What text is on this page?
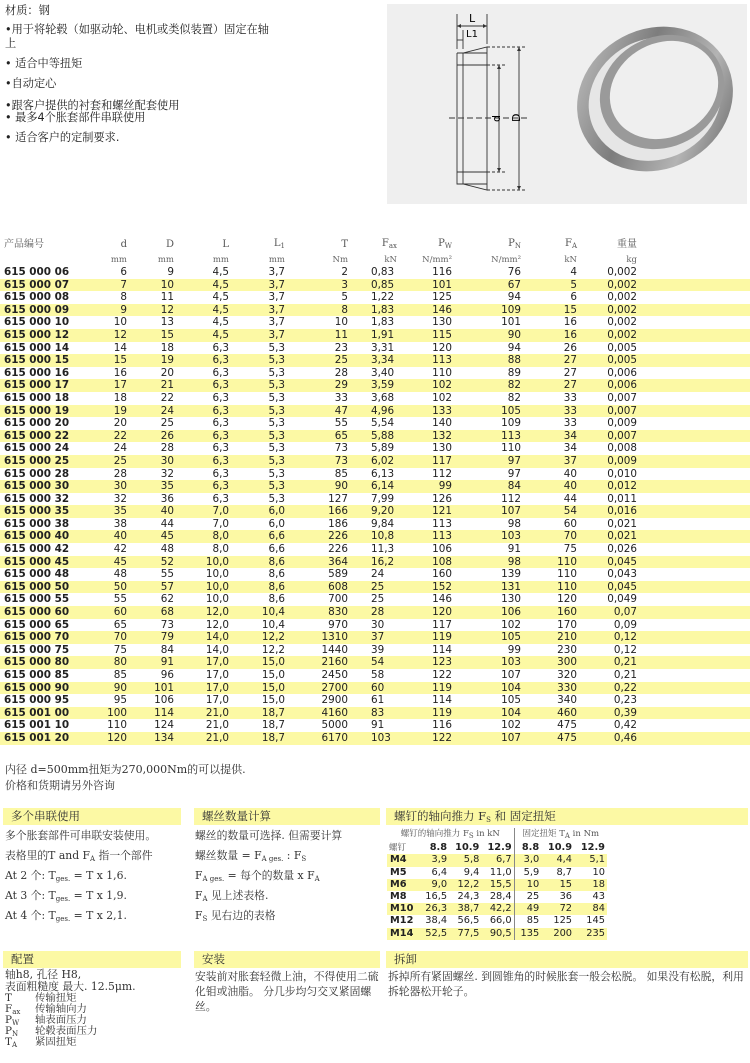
材质：钢
•用于将轮毂（如驱动轮、电机或类似装置）固定在轴上
• 适合中等扭矩
•自动定心
•跟客户提供的衬套和螺丝配套使用
• 最多4个胀套部件串联使用
• 适合客户的定制要求.
L
L1
d D
产品编号	d	D	L	$L_1$	T	$F_{ax}$	$P_W$	$P_N$	$F_A$	重量	
	mm	mm	mm	mm	Nm	kN	N/mm²	N/mm²	kN	kg	
615 000 06	6	9	4,5	3,7	2	0,83	116	76	4	0,002	
615 000 07	7	10	4,5	3,7	3	0,85	101	67	5	0,002	
615 000 08	8	11	4,5	3,7	5	1,22	125	94	6	0,002	
615 000 09	9	12	4,5	3,7	8	1,83	146	109	15	0,002	
615 000 10	10	13	4,5	3,7	10	1,83	130	101	16	0,002	
615 000 12	12	15	4,5	3,7	11	1,91	115	90	16	0,002	
615 000 14	14	18	6,3	5,3	23	3,31	120	94	26	0,005	
615 000 15	15	19	6,3	5,3	25	3,34	113	88	27	0,005	
615 000 16	16	20	6,3	5,3	28	3,40	110	89	27	0,006	
615 000 17	17	21	6,3	5,3	29	3,59	102	82	27	0,006	
615 000 18	18	22	6,3	5,3	33	3,68	102	82	33	0,007	
615 000 19	19	24	6,3	5,3	47	4,96	133	105	33	0,007	
615 000 20	20	25	6,3	5,3	55	5,54	140	109	33	0,009	
615 000 22	22	26	6,3	5,3	65	5,88	132	113	34	0,007	
615 000 24	24	28	6,3	5,3	73	5,89	130	110	34	0,008	
615 000 25	25	30	6,3	5,3	73	6,02	117	97	37	0,009	
615 000 28	28	32	6,3	5,3	85	6,13	112	97	40	0,010	
615 000 30	30	35	6,3	5,3	90	6,14	99	84	40	0,012	
615 000 32	32	36	6,3	5,3	127	7,99	126	112	44	0,011	
615 000 35	35	40	7,0	6,0	166	9,20	121	107	54	0,016	
615 000 38	38	44	7,0	6,0	186	9,84	113	98	60	0,021	
615 000 40	40	45	8,0	6,6	226	10,8	113	103	70	0,021	
615 000 42	42	48	8,0	6,6	226	11,3	106	91	75	0,026	
615 000 45	45	52	10,0	8,6	364	16,2	108	98	110	0,045	
615 000 48	48	55	10,0	8,6	589	24	160	139	110	0,043	
615 000 50	50	57	10,0	8,6	608	25	152	131	110	0,045	
615 000 55	55	62	10,0	8,6	700	25	146	130	120	0,049	
615 000 60	60	68	12,0	10,4	830	28	120	106	160	0,07	
615 000 65	65	73	12,0	10,4	970	30	117	102	170	0,09	
615 000 70	70	79	14,0	12,2	1310	37	119	105	210	0,12	
615 000 75	75	84	14,0	12,2	1440	39	114	99	230	0,12	
615 000 80	80	91	17,0	15,0	2160	54	123	103	300	0,21	
615 000 85	85	96	17,0	15,0	2450	58	122	107	320	0,21	
615 000 90	90	101	17,0	15,0	2700	60	119	104	330	0,22	
615 000 95	95	106	17,0	15,0	2900	61	114	105	340	0,23	
615 001 00	100	114	21,0	18,7	4160	83	119	104	460	0,39	
615 001 10	110	124	21,0	18,7	5000	91	116	102	475	0,42	
615 001 20	120	134	21,0	18,7	6170	103	122	107	475	0,46	
内径 d=500mm扭矩为270,000Nm的可以提供.
价格和货期请另外咨询
多个串联使用
多个胀套部件可串联安装使用。
表格里的T and $F_A$ 指一个部件
At 2 个: $T_{ges.} = T$ x 1,6.
At 3 个: $T_{ges.} = T$ x 1,9.
At 4 个: $T_{ges.} = T$ x 2,1.
螺丝数量计算
螺丝的数量可选择. 但需要计算
螺丝数量 = $F_{A ges.}$ : $F_S$
$F_{A ges.}$ = 每个的数量 x $F_A$
$F_A$ 见上述表格.
$F_S$ 见右边的表格
螺钉的轴向推力 $F_S$ 和 固定扭矩
螺钉的轴向推力 $F_S$ in kN				固定扭矩 $T_A$ in Nm		
螺钉	8.8	10.9	12.9	8.8	10.9	12.9
M4	3,9	5,8	6,7	3,0	4,4	5,1
M5	6,4	9,4	11,0	5,9	8,7	10
M6	9,0	12,2	15,5	10	15	18
M8	16,5	24,3	28,4	25	36	43
M10	26,3	38,7	42,2	49	72	84
M12	38,4	56,5	66,0	85	125	145
M14	52,5	77,5	90,5	135	200	235
配置
轴h8, 孔径 H8,
表面粗糙度 最大. 12.5μm.
T 传输扭矩
$F_{ax}$ 传输轴向力
$P_W$ 轴表面压力
$P_N$ 轮毂表面压力
$T_A$ 紧固扭矩
安装
安装前对胀套轻微上油，不得使用二硫化钼或油脂。 分几步均匀交叉紧固螺丝。
拆卸
拆掉所有紧固螺丝. 到圆锥角的时候胀套一般会松脱。 如果没有松脱，利用拆轮器松开轮子。
